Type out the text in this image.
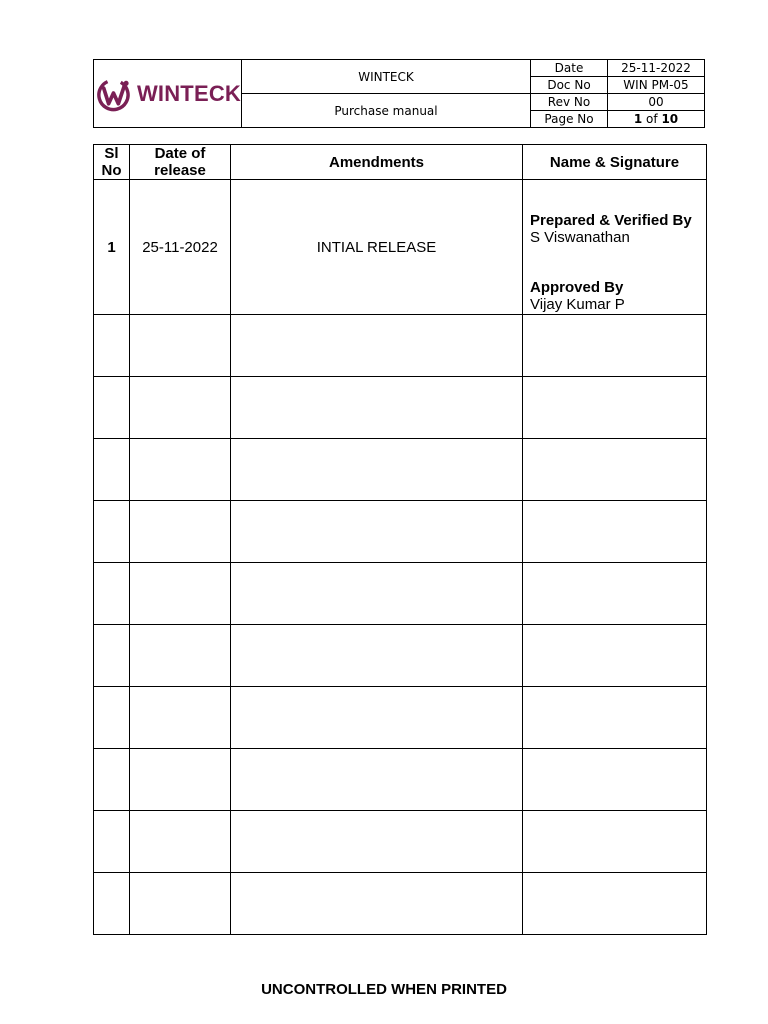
WINTECK	WINTECK	Date	25-11-2022
		Doc No	WIN PM-05
	Purchase manual	Rev No	00
		Page No	1 of 10
Sl No	Date of release	Amendments	Name & Signature
1	25-11-2022	INTIAL RELEASE	Prepared & Verified By
S Viswanathan
Approved By
Vijay Kumar P

UNCONTROLLED WHEN PRINTED
